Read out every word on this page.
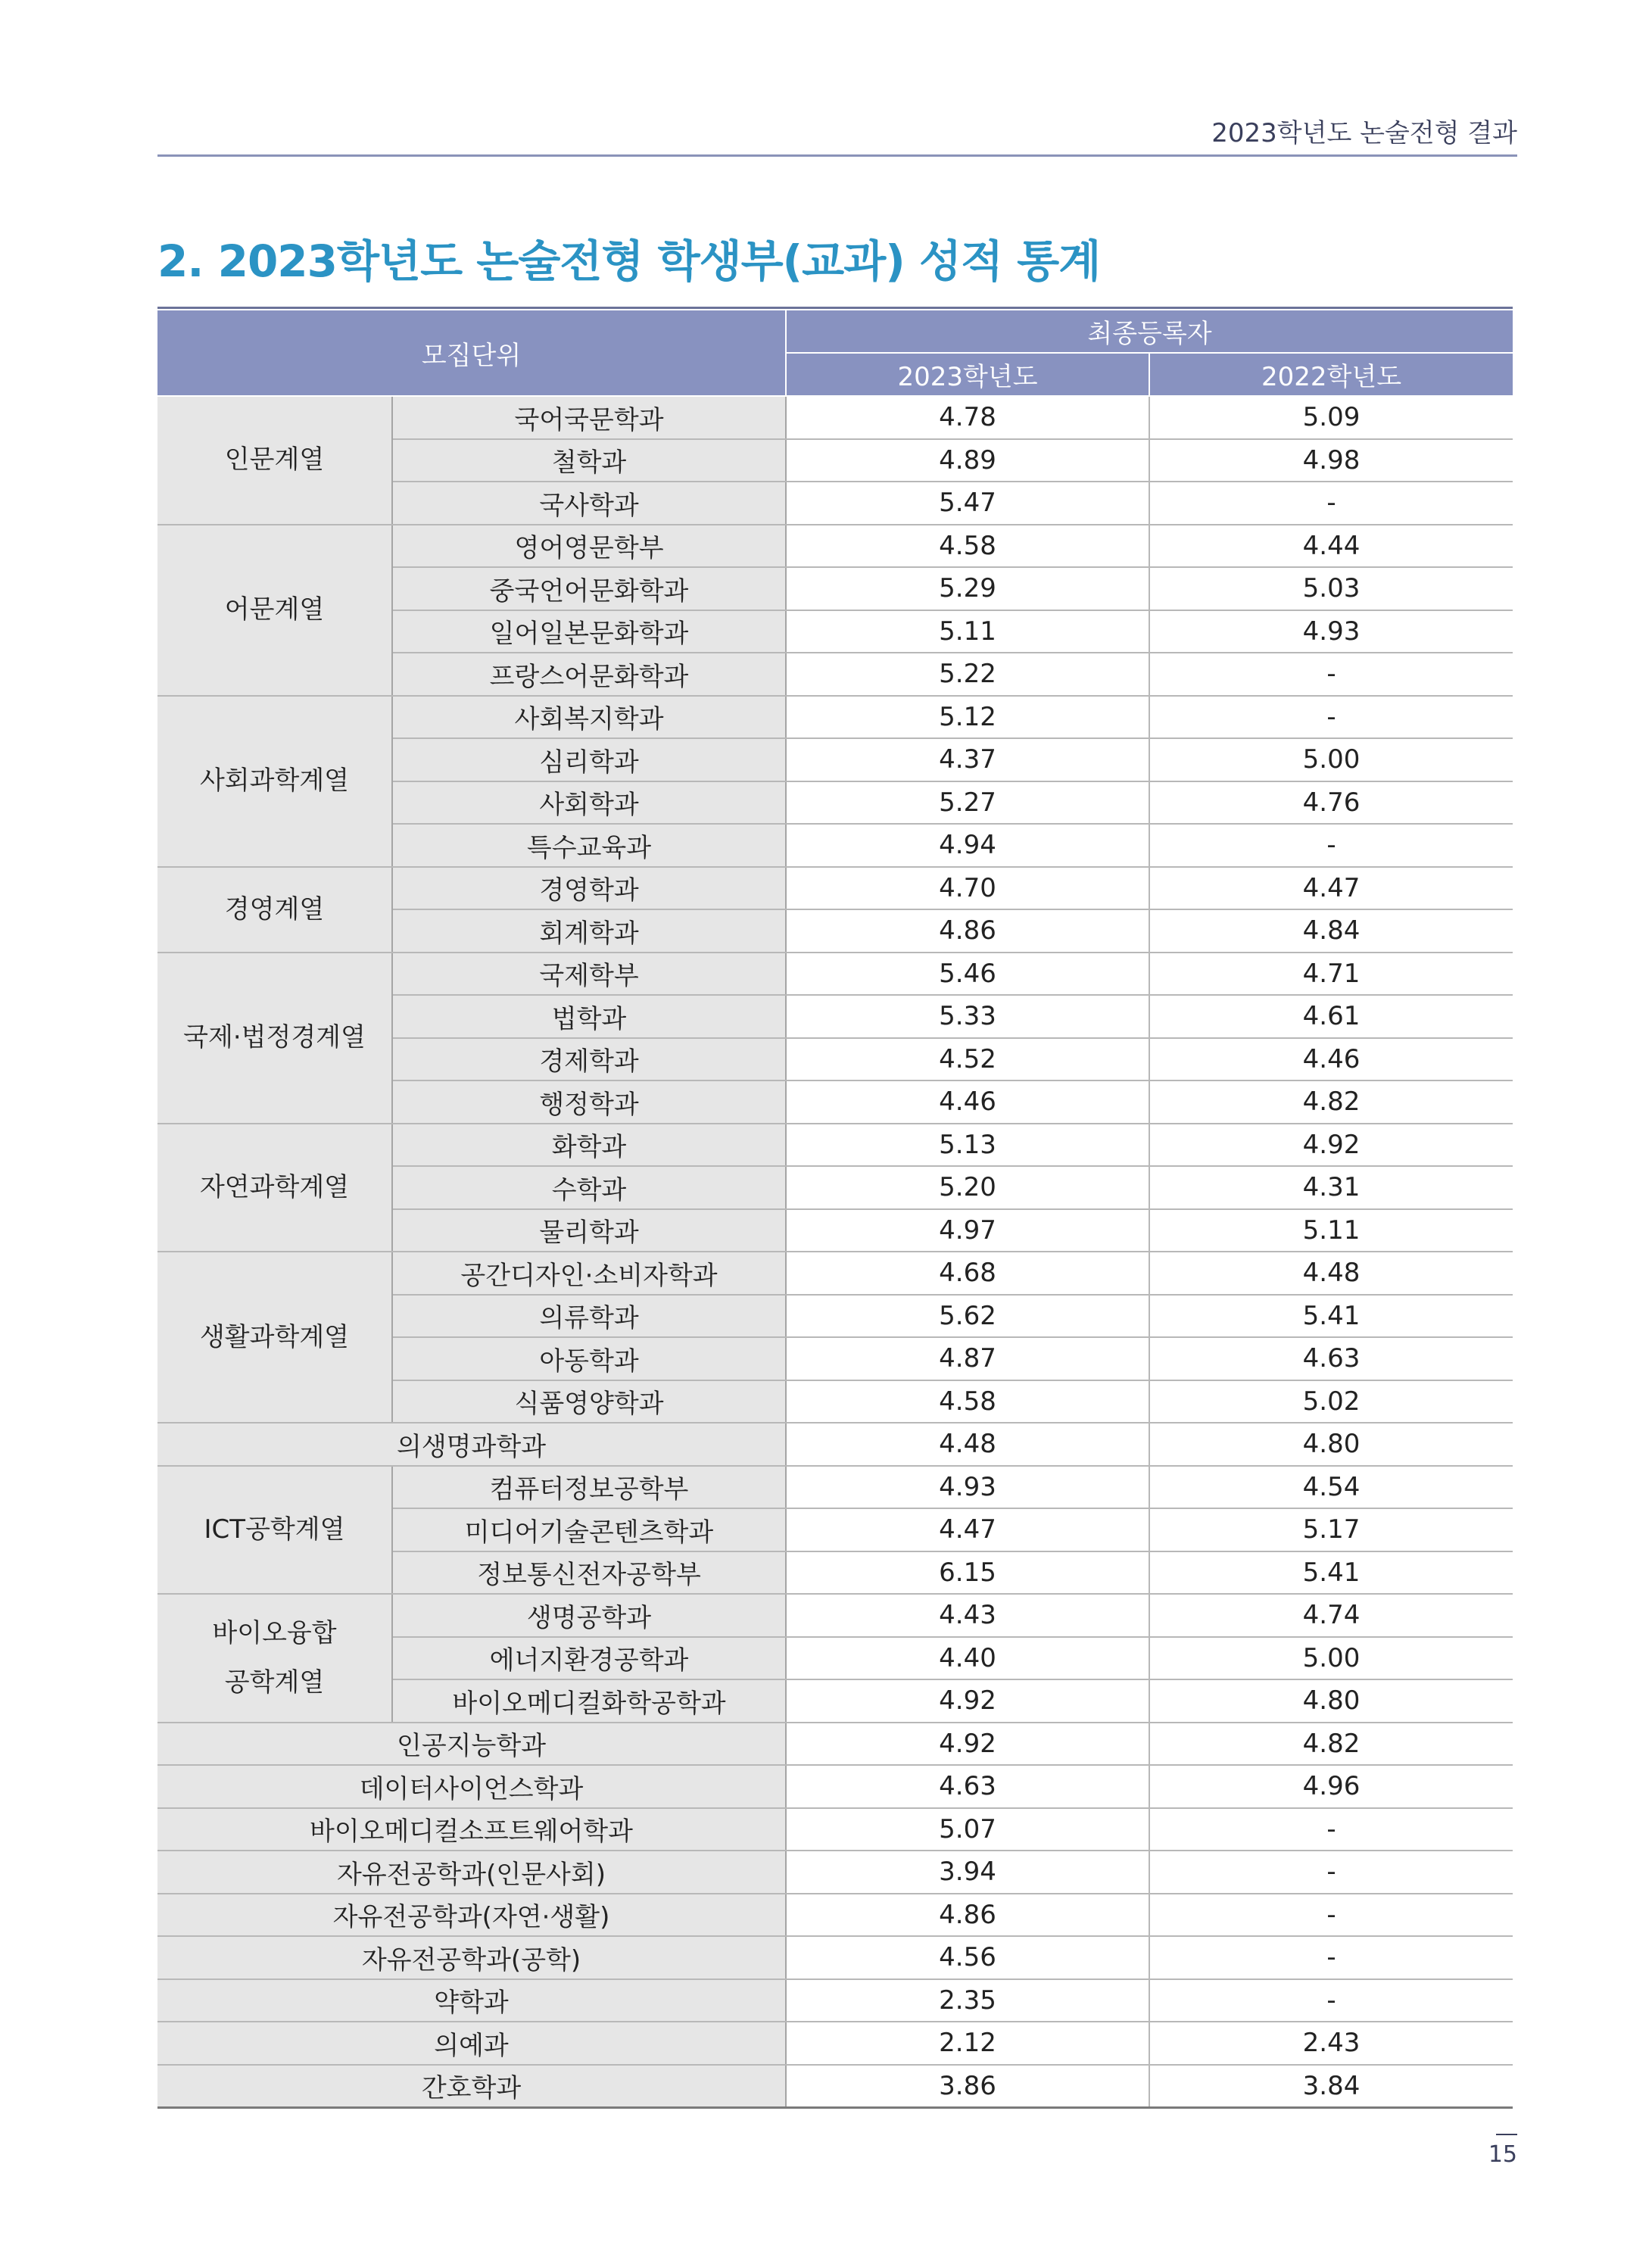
2023학년도 논술전형 결과
2. 2023학년도 논술전형 학생부(교과) 성적 통계
모집단위		최종등록자	
		2023학년도	2022학년도
인문계열	국어국문학과	4.78	5.09
	철학과	4.89	4.98
	국사학과	5.47	-
어문계열	영어영문학부	4.58	4.44
	중국언어문화학과	5.29	5.03
	일어일본문화학과	5.11	4.93
	프랑스어문화학과	5.22	-
사회과학계열	사회복지학과	5.12	-
	심리학과	4.37	5.00
	사회학과	5.27	4.76
	특수교육과	4.94	-
경영계열	경영학과	4.70	4.47
	회계학과	4.86	4.84
국제·법정경계열	국제학부	5.46	4.71
	법학과	5.33	4.61
	경제학과	4.52	4.46
	행정학과	4.46	4.82
자연과학계열	화학과	5.13	4.92
	수학과	5.20	4.31
	물리학과	4.97	5.11
생활과학계열	공간디자인·소비자학과	4.68	4.48
	의류학과	5.62	5.41
	아동학과	4.87	4.63
	식품영양학과	4.58	5.02
의생명과학과		4.48	4.80
ICT공학계열	컴퓨터정보공학부	4.93	4.54
	미디어기술콘텐츠학과	4.47	5.17
	정보통신전자공학부	6.15	5.41
바이오융합
공학계열	생명공학과	4.43	4.74
	에너지환경공학과	4.40	5.00
	바이오메디컬화학공학과	4.92	4.80
인공지능학과		4.92	4.82
데이터사이언스학과		4.63	4.96
바이오메디컬소프트웨어학과		5.07	-
자유전공학과(인문사회)		3.94	-
자유전공학과(자연·생활)		4.86	-
자유전공학과(공학)		4.56	-
약학과		2.35	-
의예과		2.12	2.43
간호학과		3.86	3.84
15
